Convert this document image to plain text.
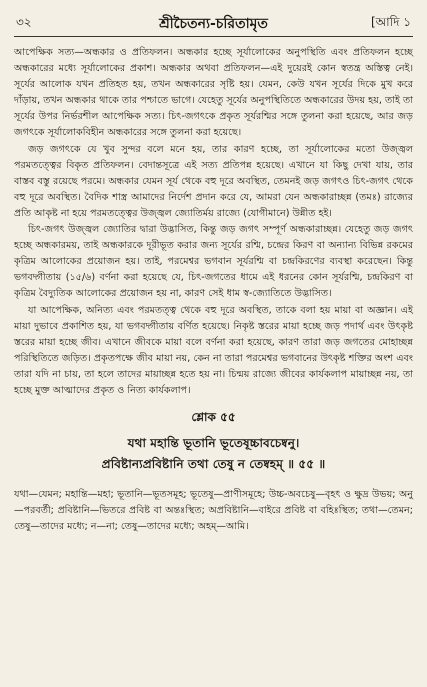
৩২	শ্রীচৈতন্য-চরিতামৃত	[আদি ১

আপেক্ষিক সত্য—অন্ধকার ও প্রতিফলন। অন্ধকার হচ্ছে সূর্যালোকের অনুপস্থিতি এবং প্রতিফলন হচ্ছে অন্ধকারের মধ্যে সূর্যালোকের প্রকাশ। অন্ধকার অথবা প্রতিফলন—এই দুয়েরই কোন স্বতন্ত্র অস্তিত্ব নেই। সূর্যের আলোক যখন প্রতিহত হয়, তখন অন্ধকারের সৃষ্টি হয়। যেমন, কেউ যখন সূর্যের দিকে মুখ করে দাঁড়ায়, তখন অন্ধকার থাকে তার পশ্চাতে ভাগে। যেহেতু সূর্যের অনুপস্থিতিতে অন্ধকারের উদয় হয়, তাই তা সূর্যের উপর নির্ভরশীল আপেক্ষিক সত্য। চিৎ-জগৎকে প্রকৃত সূর্যরশ্মির সঙ্গে তুলনা করা হয়েছে, আর জড় জগৎকে সূর্যালোকবিহীন অন্ধকারের সঙ্গে তুলনা করা হয়েছে।

জড় জগৎকে যে খুব সুন্দর বলে মনে হয়, তার কারণ হচ্ছে, তা সূর্যালোকের মতো উজ্জ্বল পরমতত্ত্বের বিকৃত প্রতিফলন। বেদান্তসূত্রে এই সত্য প্রতিপন্ন হয়েছে। এখানে যা কিছু দেখা যায়, তার বাস্তব বস্তু রয়েছে পরমে। অন্ধকার যেমন সূর্য থেকে বহু দূরে অবস্থিত, তেমনই জড় জগৎও চিৎ-জগৎ থেকে বহু দূরে অবস্থিত। বৈদিক শাস্ত্র আমাদের নির্দেশ প্রদান করে যে, আমরা যেন অন্ধকারাচ্ছন্ন (তমঃ) রাজ্যের প্রতি আকৃষ্ট না হয়ে পরমতত্ত্বের উজ্জ্বল জ্যোতির্ময় রাজ্যে (যোগীমানে) উন্নীত হই।

চিৎ-জগৎ উজ্জ্বল জ্যোতির দ্বারা উদ্ভাসিত, কিন্তু জড় জগৎ সম্পূর্ণ অন্ধকারাচ্ছন্ন। যেহেতু জড় জগৎ হচ্ছে অন্ধকারময়, তাই অন্ধকারকে দূরীভূত করার জন্য সূর্যের রশ্মি, চন্দ্রের কিরণ বা অন্যান্য বিভিন্ন রকমের কৃত্রিম আলোকের প্রয়োজন হয়। তাই, পরমেশ্বর ভগবান সূর্যরশ্মি বা চন্দ্রকিরণের ব্যবস্থা করেছেন। কিন্তু ভগবদ্গীতায় (১৫/৬) বর্ণনা করা হয়েছে যে, চিৎ-জগতের ধামে এই ধরনের কোন সূর্যরশ্মি, চন্দ্রকিরণ বা কৃত্রিম বৈদ্যুতিক আলোকের প্রয়োজন হয় না, কারণ সেই ধাম স্ব-জ্যোতিতে উদ্ভাসিত।

যা আপেক্ষিক, অনিত্য এবং পরমতত্ত্ব থেকে বহু দূরে অবস্থিত, তাকে বলা হয় মায়া বা অজ্ঞান। এই মায়া দুভাবে প্রকাশিত হয়, যা ভগবদ্গীতায় বর্ণিত হয়েছে। নিকৃষ্ট স্তরের মায়া হচ্ছে জড় পদার্থ এবং উৎকৃষ্ট স্তরের মায়া হচ্ছে জীব। এখানে জীবকে মায়া বলে বর্ণনা করা হয়েছে, কারণ তারা জড় জগতের মোহাচ্ছন্ন পরিস্থিতিতে জড়িত। প্রকৃতপক্ষে জীব মায়া নয়, কেন না তারা পরমেশ্বর ভগবানের উৎকৃষ্ট শক্তির অংশ এবং তারা যদি না চায়, তা হলে তাদের মায়াচ্ছন্ন হতে হয় না। চিন্ময় রাজ্যে জীবের কার্যকলাপ মায়াচ্ছন্ন নয়, তা হচ্ছে মুক্ত আত্মাদের প্রকৃত ও নিত্য কার্যকলাপ।

শ্লোক ৫৫
যথা মহান্তি ভূতানি ভূতেষূচ্চাবচেষ্বনু।
প্রবিষ্টান্যপ্রবিষ্টানি তথা তেষু ন তেষ্বহম্ ॥ ৫৫ ॥
যথা—যেমন; মহান্তি—মহা; ভূতানি—ভূতসমূহ; ভূতেষু—প্রাণীসমূহে; উচ্চ-অবচেষু—বৃহৎ ও ক্ষুদ্র উভয়; অনু—পরবর্তী; প্রবিষ্টানি—ভিতরে প্রবিষ্ট বা অন্তঃস্থিত; অপ্রবিষ্টানি—বাইরে প্রবিষ্ট বা বহিঃস্থিত; তথা—তেমন; তেষু—তাদের মধ্যে; ন—না; তেষু—তাদের মধ্যে; অহম্—আমি।
